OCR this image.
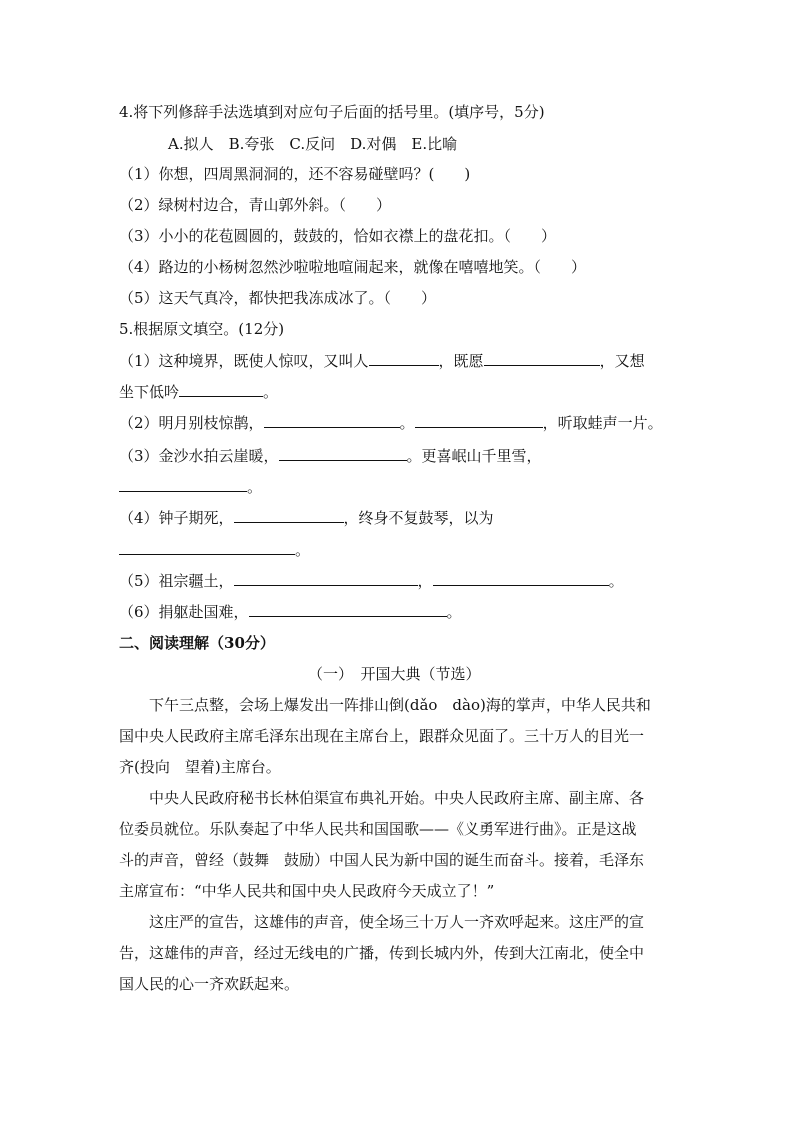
4.将下列修辞手法选填到对应句子后面的括号里。(填序号，5分)
A.拟人　B.夸张　C.反问　D.对偶　E.比喻
（1）你想，四周黑洞洞的，还不容易碰壁吗？(　　)
（2）绿树村边合，青山郭外斜。（　　）
（3）小小的花苞圆圆的，鼓鼓的，恰如衣襟上的盘花扣。（　　）
（4）路边的小杨树忽然沙啦啦地喧闹起来，就像在嘻嘻地笑。（　　）
（5）这天气真冷，都快把我冻成冰了。（　　）
5.根据原文填空。(12分)
（1）这种境界，既使人惊叹，又叫人	，既愿	，又想
坐下低吟	。
（2）明月别枝惊鹊，	。	，听取蛙声一片。
（3）金沙水拍云崖暖，	。更喜岷山千里雪，
。
（4）钟子期死，	，终身不复鼓琴，以为
。
（5）祖宗疆土，	，	。
（6）捐躯赴国难，	。
二、阅读理解（30分）
（一）　开国大典（节选）
下午三点整，会场上爆发出一阵排山倒(dǎo　dào)海的掌声，中华人民共和
国中央人民政府主席毛泽东出现在主席台上，跟群众见面了。三十万人的目光一
齐(投向　望着)主席台。
中央人民政府秘书长林伯渠宣布典礼开始。中央人民政府主席、副主席、各
位委员就位。乐队奏起了中华人民共和国国歌——《义勇军进行曲》。正是这战
斗的声音，曾经（鼓舞　鼓励）中国人民为新中国的诞生而奋斗。接着，毛泽东
主席宣布：“中华人民共和国中央人民政府今天成立了！”
这庄严的宣告，这雄伟的声音，使全场三十万人一齐欢呼起来。这庄严的宣
告，这雄伟的声音，经过无线电的广播，传到长城内外，传到大江南北，使全中
国人民的心一齐欢跃起来。
